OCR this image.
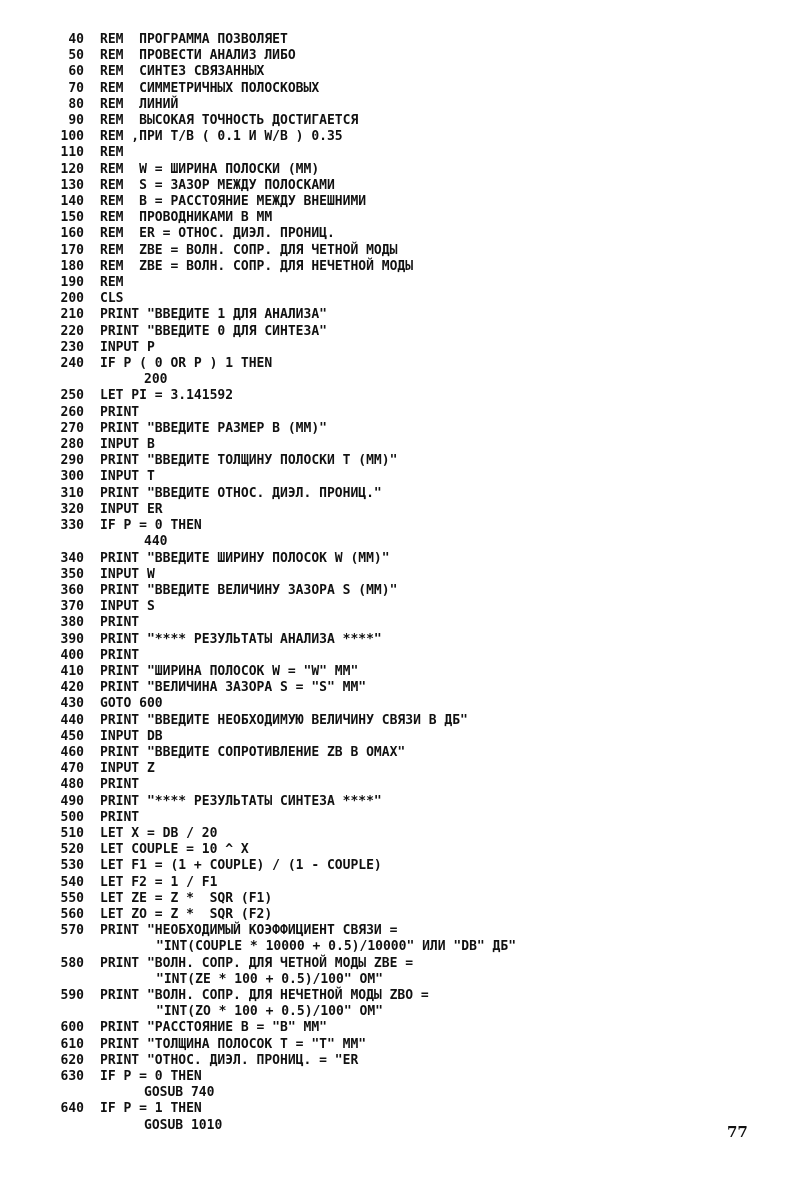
40	REM  ПРОГРАММА ПОЗВОЛЯЕТ
50	REM  ПРОВЕСТИ АНАЛИЗ ЛИБО
60	REM  СИНТЕЗ СВЯЗАННЫХ
70	REM  СИММЕТРИЧНЫХ ПОЛОСКОВЫХ
80	REM  ЛИНИЙ
90	REM  ВЫСОКАЯ ТОЧНОСТЬ ДОСТИГАЕТСЯ
100	REM ,ПРИ T/B ( 0.1 И W/B ) 0.35
110	REM
120	REM  W = ШИРИНА ПОЛОСКИ (ММ)
130	REM  S = ЗАЗОР МЕЖДУ ПОЛОСКАМИ
140	REM  B = РАССТОЯНИЕ МЕЖДУ ВНЕШНИМИ
150	REM  ПРОВОДНИКАМИ В ММ
160	REM  ER = ОТНОС. ДИЭЛ. ПРОНИЦ.
170	REM  ZBE = ВОЛН. СОПР. ДЛЯ ЧЕТНОЙ МОДЫ
180	REM  ZBE = ВОЛН. СОПР. ДЛЯ НЕЧЕТНОЙ МОДЫ
190	REM
200	CLS
210	PRINT "ВВЕДИТЕ 1 ДЛЯ АНАЛИЗА"
220	PRINT "ВВЕДИТЕ 0 ДЛЯ СИНТЕЗА"
230	INPUT P
240	IF P ( 0 OR P ) 1 THEN
200
250	LET PI = 3.141592
260	PRINT
270	PRINT "ВВЕДИТЕ РАЗМЕР B (ММ)"
280	INPUT B
290	PRINT "ВВЕДИТЕ ТОЛЩИНУ ПОЛОСКИ T (ММ)"
300	INPUT T
310	PRINT "ВВЕДИТЕ ОТНОС. ДИЭЛ. ПРОНИЦ."
320	INPUT ER
330	IF P = 0 THEN
440
340	PRINT "ВВЕДИТЕ ШИРИНУ ПОЛОСОК W (ММ)"
350	INPUT W
360	PRINT "ВВЕДИТЕ ВЕЛИЧИНУ ЗАЗОРА S (ММ)"
370	INPUT S
380	PRINT
390	PRINT "**** РЕЗУЛЬТАТЫ АНАЛИЗА ****"
400	PRINT
410	PRINT "ШИРИНА ПОЛОСОК W = "W" ММ"
420	PRINT "ВЕЛИЧИНА ЗАЗОРА S = "S" ММ"
430	GOTO 600
440	PRINT "ВВЕДИТЕ НЕОБХОДИМУЮ ВЕЛИЧИНУ СВЯЗИ В ДБ"
450	INPUT DB
460	PRINT "ВВЕДИТЕ СОПРОТИВЛЕНИЕ ZB В ОМАХ"
470	INPUT Z
480	PRINT
490	PRINT "**** РЕЗУЛЬТАТЫ СИНТЕЗА ****"
500	PRINT
510	LET X = DB / 20
520	LET COUPLE = 10 ^ X
530	LET F1 = (1 + COUPLE) / (1 - COUPLE)
540	LET F2 = 1 / F1
550	LET ZE = Z *  SQR (F1)
560	LET ZO = Z *  SQR (F2)
570	PRINT "НЕОБХОДИМЫЙ КОЭФФИЦИЕНТ СВЯЗИ =
"INT(COUPLE * 10000 + 0.5)/10000" ИЛИ "DB" ДБ"
580	PRINT "ВОЛН. СОПР. ДЛЯ ЧЕТНОЙ МОДЫ ZBE =
"INT(ZE * 100 + 0.5)/100" ОМ"
590	PRINT "ВОЛН. СОПР. ДЛЯ НЕЧЕТНОЙ МОДЫ ZBO =
"INT(ZO * 100 + 0.5)/100" ОМ"
600	PRINT "РАССТОЯНИЕ B = "B" ММ"
610	PRINT "ТОЛЩИНА ПОЛОСОК T = "T" ММ"
620	PRINT "ОТНОС. ДИЭЛ. ПРОНИЦ. = "ER
630	IF P = 0 THEN
GOSUB 740
640	IF P = 1 THEN
GOSUB 1010	77
